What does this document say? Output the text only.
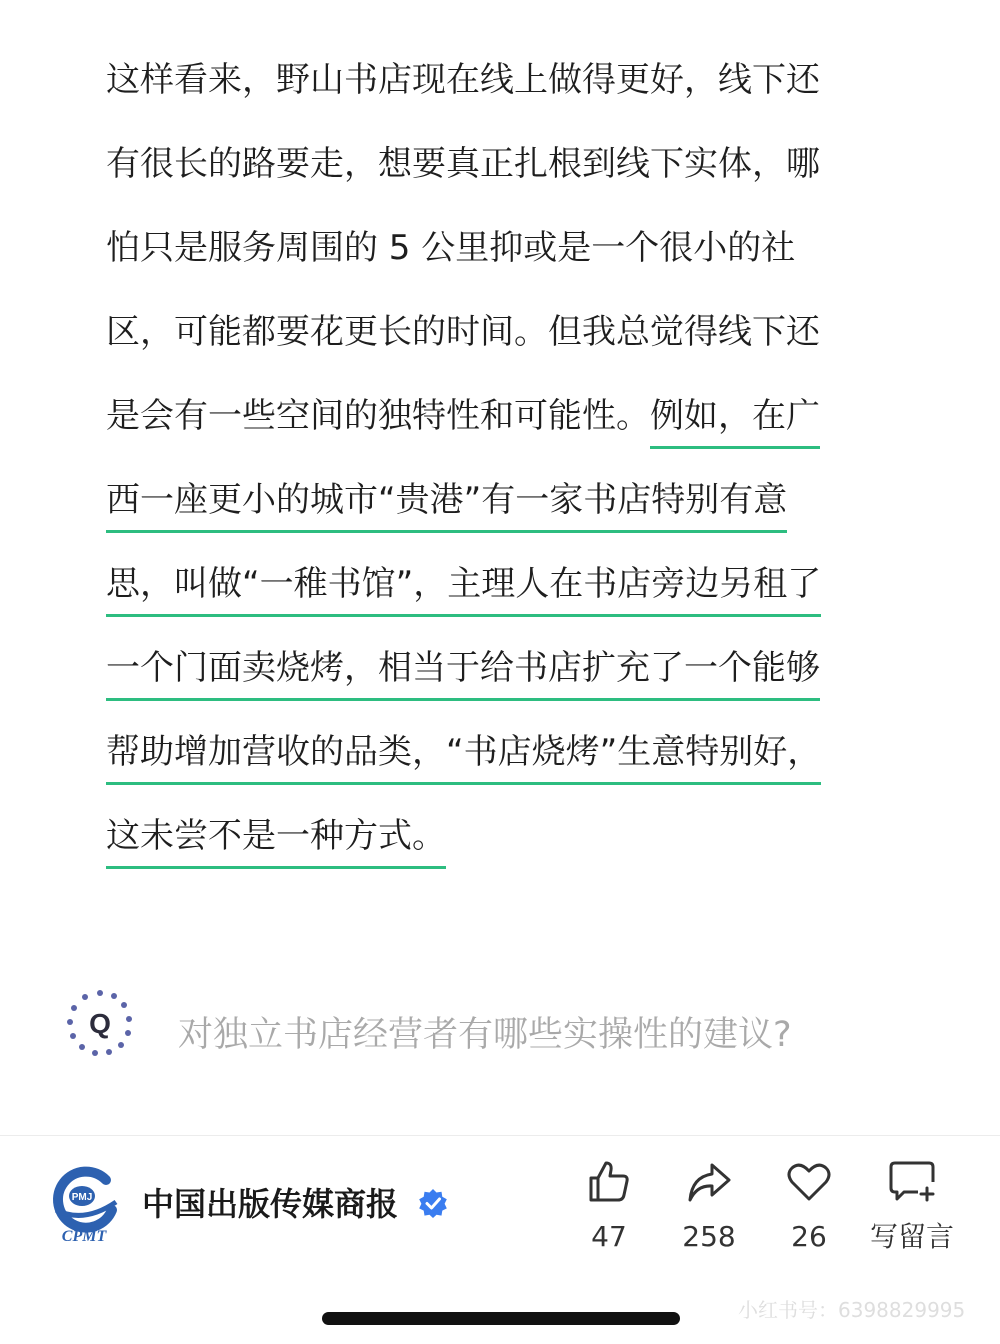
这样看来，野山书店现在线上做得更好，线下还
有很长的路要走，想要真正扎根到线下实体，哪
怕只是服务周围的 5 公里抑或是一个很小的社
区，可能都要花更长的时间。但我总觉得线下还
是会有一些空间的独特性和可能性。例如，在广
西一座更小的城市“贵港”有一家书店特别有意
思，叫做“一稚书馆”，主理人在书店旁边另租了
一个门面卖烧烤，相当于给书店扩充了一个能够
帮助增加营收的品类，“书店烧烤”生意特别好，
这未尝不是一种方式。
Q 对独立书店经营者有哪些实操性的建议?
PMJ
CPMT
中国出版传媒商报
47	258	26	写留言
小红书号：6398829995
